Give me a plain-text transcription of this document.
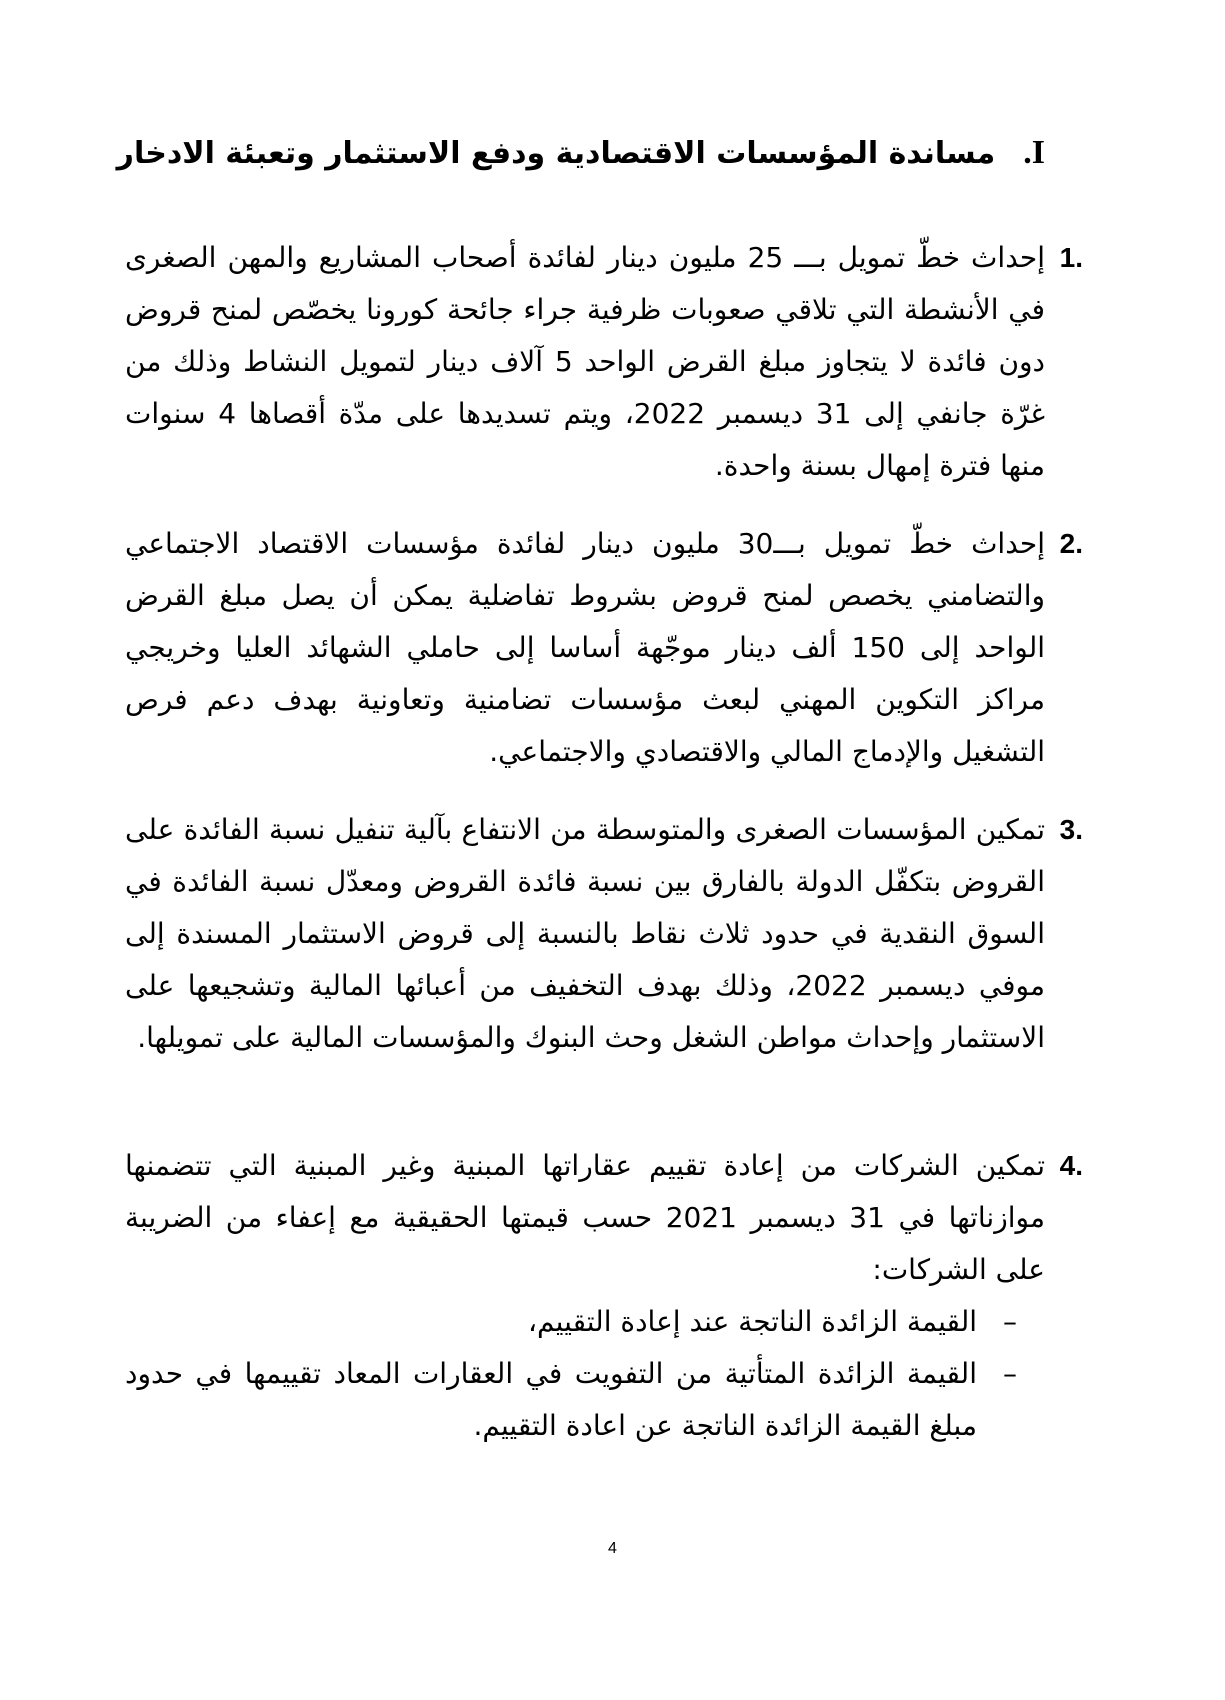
I.مساندة المؤسسات الاقتصادية ودفع الاستثمار وتعبئة الادخار
1.

إحداث خطّ تمويل بـــ 25 مليون دينار لفائدة أصحاب المشاريع والمهن الصغرى في الأنشطة التي تلاقي صعوبات ظرفية جراء جائحة كورونا يخصّص لمنح قروض دون فائدة لا يتجاوز مبلغ القرض الواحد 5 آلاف دينار لتمويل النشاط وذلك من غرّة جانفي إلى 31 ديسمبر 2022، ويتم تسديدها على مدّة أقصاها 4 سنوات منها فترة إمهال بسنة واحدة.

2.

إحداث خطّ تمويل بـــ30 مليون دينار لفائدة مؤسسات الاقتصاد الاجتماعي والتضامني يخصص لمنح قروض بشروط تفاضلية يمكن أن يصل مبلغ القرض الواحد إلى 150 ألف دينار موجّهة أساسا إلى حاملي الشهائد العليا وخريجي مراكز التكوين المهني لبعث مؤسسات تضامنية وتعاونية بهدف دعم فرص التشغيل والإدماج المالي والاقتصادي والاجتماعي.

3.

تمكين المؤسسات الصغرى والمتوسطة من الانتفاع بآلية تنفيل نسبة الفائدة على القروض بتكفّل الدولة بالفارق بين نسبة فائدة القروض ومعدّل نسبة الفائدة في السوق النقدية في حدود ثلاث نقاط بالنسبة إلى قروض الاستثمار المسندة إلى موفي ديسمبر 2022، وذلك بهدف التخفيف من أعبائها المالية وتشجيعها على الاستثمار وإحداث مواطن الشغل وحث البنوك والمؤسسات المالية على تمويلها.

4.

تمكين الشركات من إعادة تقييم عقاراتها المبنية وغير المبنية التي تتضمنها موازناتها في 31 ديسمبر 2021 حسب قيمتها الحقيقية مع إعفاء من الضريبة على الشركات:

–
القيمة الزائدة الناتجة عند إعادة التقييم،
–
القيمة الزائدة المتأتية من التفويت في العقارات المعاد تقييمها في حدود مبلغ القيمة الزائدة الناتجة عن اعادة التقييم.
4
